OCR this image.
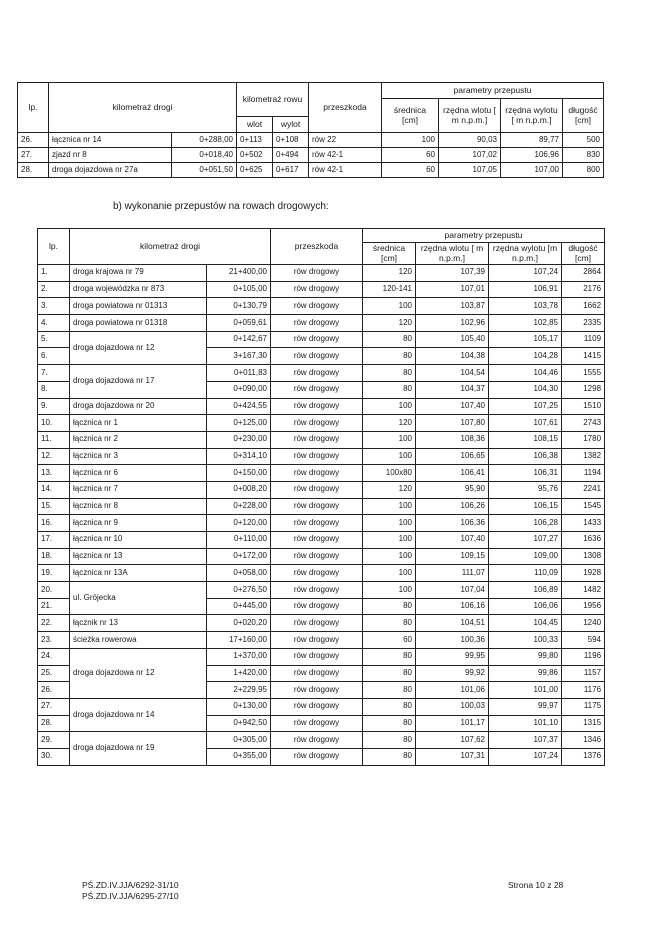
lp.	kilometraż drogi		kilometraż rowu		przeszkoda	parametry przepustu			
						średnica [cm]	rzędna wlotu [ m n.p.m.]	rzędna wylotu [ m n.p.m.]	długość [cm]
			wlot	wylot					
26.	łącznica nr 14	0+288,00	0+113	0+108	rów 22	100	90,03	89,77	500
27.	zjazd nr 8	0+018,40	0+502	0+494	rów 42-1	60	107,02	106,96	830
28.	droga dojazdowa nr 27a	0+051,50	0+625	0+617	rów 42-1	60	107,05	107,00	800
b) wykonanie przepustów na rowach drogowych:
lp.	kilometraż drogi		przeszkoda	parametry przepustu			
				średnica [cm]	rzędna wlotu [ m n.p.m.]	rzędna wylotu [m n.p.m.]	długość [cm]
1.	droga krajowa nr 79	21+400,00	rów drogowy	120	107,39	107,24	2864
2.	droga wojewódzka nr 873	0+105,00	rów drogowy	120-141	107,01	106,91	2176
3.	droga powiatowa nr 01313	0+130,79	rów drogowy	100	103,87	103,78	1662
4.	droga powiatowa nr 01318	0+059,61	rów drogowy	120	102,96	102,85	2335
5.	droga dojazdowa nr 12	0+142,67	rów drogowy	80	105,40	105,17	1109
6.		3+167,30	rów drogowy	80	104,38	104,28	1415
7.	droga dojazdowa nr 17	0+011,83	rów drogowy	80	104,54	104,46	1555
8.		0+090,00	rów drogowy	80	104,37	104,30	1298
9.	droga dojazdowa nr 20	0+424,55	rów drogowy	100	107,40	107,25	1510
10.	łącznica nr 1	0+125,00	rów drogowy	120	107,80	107,61	2743
11.	łącznica nr 2	0+230,00	rów drogowy	100	108,36	108,15	1780
12.	łącznica nr 3	0+314,10	rów drogowy	100	106,65	106,38	1382
13.	łącznica nr 6	0+150,00	rów drogowy	100x80	106,41	106,31	1194
14.	łącznica nr 7	0+008,20	rów drogowy	120	95,90	95,76	2241
15.	łącznica nr 8	0+228,00	rów drogowy	100	106,26	106,15	1545
16.	łącznica nr 9	0+120,00	rów drogowy	100	106,36	106,28	1433
17.	łącznica nr 10	0+110,00	rów drogowy	100	107,40	107,27	1636
18.	łącznica nr 13	0+172,00	rów drogowy	100	109,15	109,00	1308
19.	łącznica nr 13A	0+058,00	rów drogowy	100	111,07	110,09	1928
20.	ul. Grójecka	0+276,50	rów drogowy	100	107,04	106,89	1482
21.		0+445,00	rów drogowy	80	106,16	106,06	1956
22.	łącznik nr 13	0+020,20	rów drogowy	80	104,51	104,45	1240
23.	ścieżka rowerowa	17+160,00	rów drogowy	60	100,36	100,33	594
24.	droga dojazdowa nr 12	1+370,00	rów drogowy	80	99,95	99,80	1196
25.		1+420,00	rów drogowy	80	99,92	99,86	1157
26.		2+229,95	rów drogowy	80	101,06	101,00	1176
27.	droga dojazdowa nr 14	0+130,00	rów drogowy	80	100,03	99,97	1175
28.		0+942,50	rów drogowy	80	101,17	101,10	1315
29.	droga dojazdowa nr 19	0+305,00	rów drogowy	80	107,62	107,37	1346
30.		0+355,00	rów drogowy	80	107,31	107,24	1376
PŚ.ZD.IV.JJA/6292-31/10
PŚ.ZD.IV.JJA/6295-27/10
Strona 10 z 28
